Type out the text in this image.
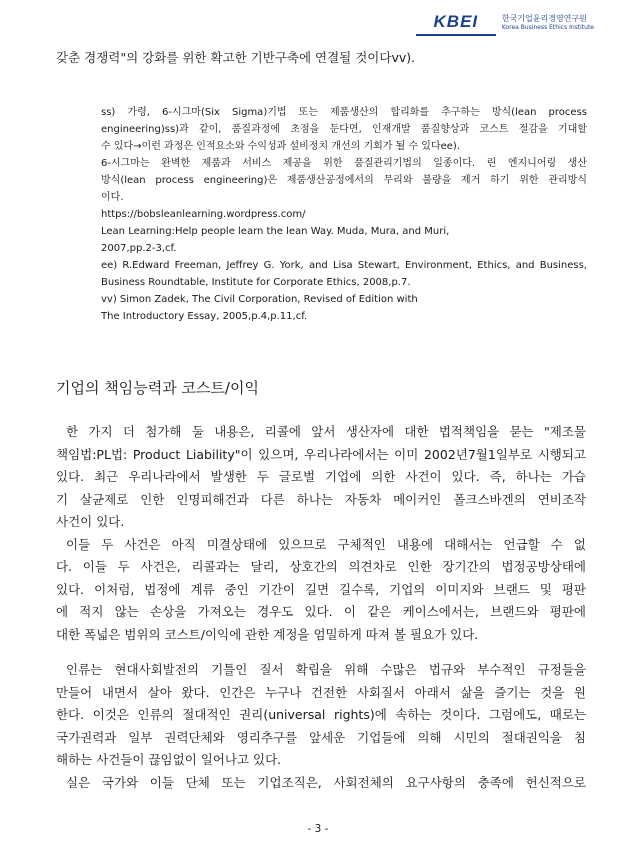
KBEI	한국기업윤리경영연구원
Korea Business Ethics Institute
갖춘 경쟁력"의 강화를 위한 확고한 기반구축에 연결될 것이다vv).
ss) 가령, 6-시그마(Six Sigma)기법 또는 제품생산의 합리화를 추구하는 방식(lean process
engineering)ss)과 같이, 품질과정에 초점을 둔다면, 인재개발 품질향상과 코스트 절감을 기대할
수 있다→이런 과정은 인적요소와 수익성과 설비정치 개선의 기회가 될 수 있다ee).
6-시그마는 완벽한 제품과 서비스 제공을 위한 품질관리기법의 일종이다. 린 엔지니어링 생산
방식(lean process engineering)은 제품생산공정에서의 무리와 불량을 제거 하기 위한 관리방식
이다.
https://bobsleanlearning.wordpress.com/
Lean Learning:Help people learn the lean Way. Muda, Mura, and Muri,
2007,pp.2-3,cf.
ee) R.Edward Freeman, Jeffrey G. York, and Lisa Stewart, Environment, Ethics, and Business,
Business Roundtable, Institute for Corporate Ethics, 2008,p.7.
vv) Simon Zadek, The Civil Corporation, Revised of Edition with
The Introductory Essay, 2005,p.4,p.11,cf.
기업의 책임능력과 코스트/이익
한 가지 더 첨가해 둘 내용은, 리콜에 앞서 생산자에 대한 법적책임을 묻는 "제조물
책임법:PL법: Product Liability"이 있으며, 우리나라에서는 이미 2002년7월1일부로 시행되고
있다. 최근 우리나라에서 발생한 두 글로벌 기업에 의한 사건이 있다. 즉, 하나는 가습
기 살균제로 인한 인명피해건과 다른 하나는 자동차 메이커인 폴크스바겐의 연비조작
사건이 있다.
이들 두 사건은 아직 미결상태에 있으므로 구체적인 내용에 대해서는 언급할 수 없
다. 이들 두 사건은, 리콜과는 달리, 상호간의 의견차로 인한 장기간의 법정공방상태에
있다. 이처럼, 법정에 계류 중인 기간이 길면 길수록, 기업의 이미지와 브랜드 및 평판
에 적지 않는 손상을 가져오는 경우도 있다. 이 같은 케이스에서는, 브랜드와 평판에
대한 폭넓은 범위의 코스트/이익에 관한 계정을 엄밀하게 따져 볼 필요가 있다.
인류는 현대사회발전의 기틀인 질서 확립을 위해 수많은 법규와 부수적인 규정들을
만들어 내면서 살아 왔다. 인간은 누구나 건전한 사회질서 아래서 삶을 즐기는 것을 원
한다. 이것은 인류의 절대적인 권리(universal rights)에 속하는 것이다. 그럼에도, 때로는
국가권력과 일부 권력단체와 영리추구를 앞세운 기업들에 의해 시민의 절대권익을 침
해하는 사건들이 끊임없이 일어나고 있다.
실은 국가와 이들 단체 또는 기업조직은, 사회전체의 요구사항의 충족에 헌신적으로
- 3 -
